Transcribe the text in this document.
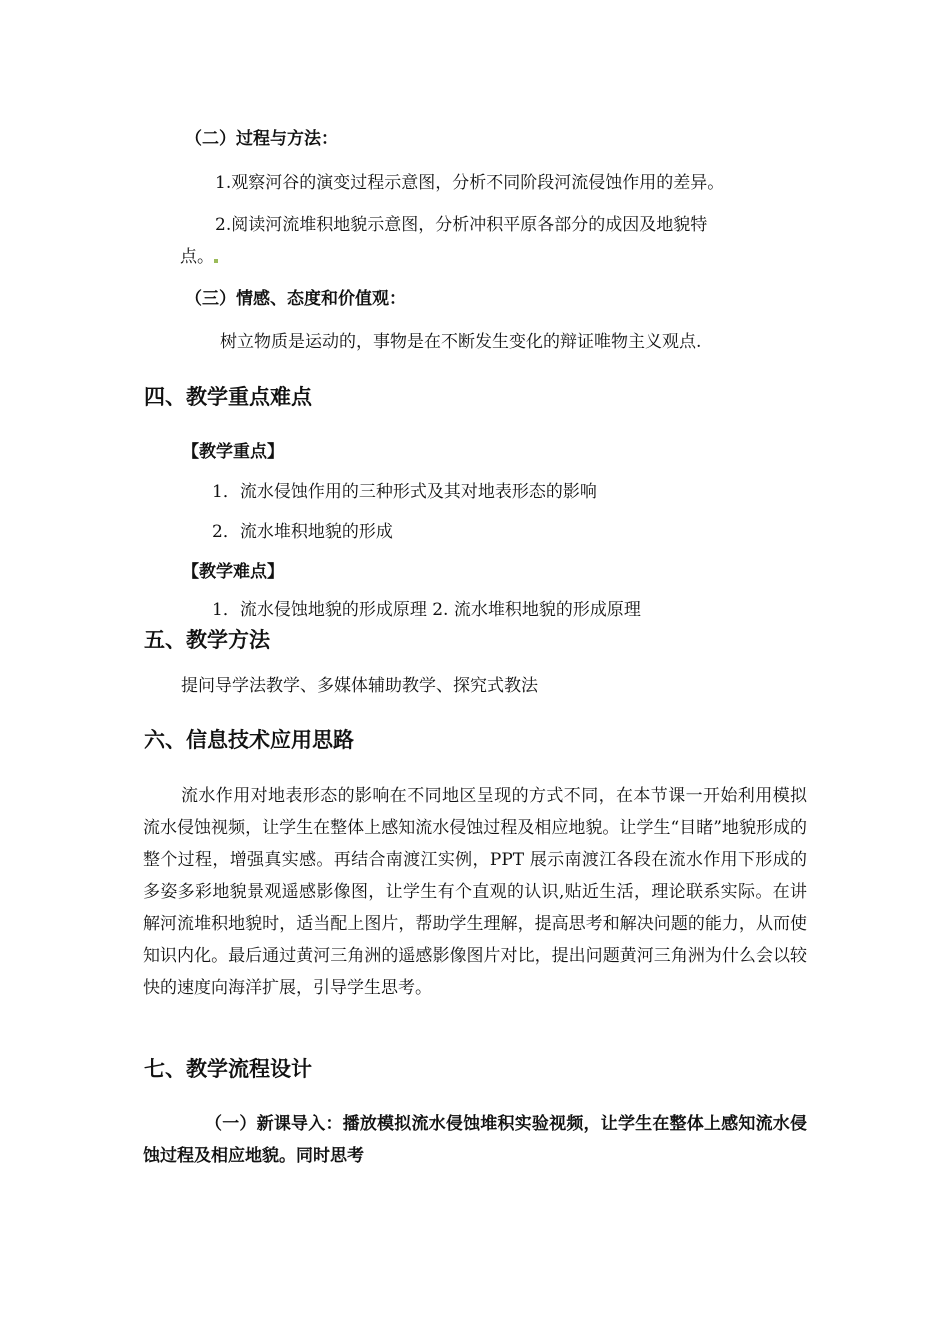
（二）过程与方法：
1.观察河谷的演变过程示意图，分析不同阶段河流侵蚀作用的差异。
2.阅读河流堆积地貌示意图，分析冲积平原各部分的成因及地貌特
点。
（三）情感、态度和价值观：
树立物质是运动的，事物是在不断发生变化的辩证唯物主义观点.
四、教学重点难点
【教学重点】
1．流水侵蚀作用的三种形式及其对地表形态的影响
2．流水堆积地貌的形成
【教学难点】
1．流水侵蚀地貌的形成原理 2. 流水堆积地貌的形成原理
五、教学方法
提问导学法教学、多媒体辅助教学、探究式教法
六、信息技术应用思路
流水作用对地表形态的影响在不同地区呈现的方式不同，在本节课一开始利用模拟流水侵蚀视频，让学生在整体上感知流水侵蚀过程及相应地貌。让学生“目睹”地貌形成的整个过程，增强真实感。再结合南渡江实例，PPT 展示南渡江各段在流水作用下形成的多姿多彩地貌景观遥感影像图，让学生有个直观的认识,贴近生活，理论联系实际。在讲解河流堆积地貌时，适当配上图片，帮助学生理解，提高思考和解决问题的能力，从而使知识内化。最后通过黄河三角洲的遥感影像图片对比，提出问题黄河三角洲为什么会以较快的速度向海洋扩展，引导学生思考。
七、教学流程设计
（一）新课导入：播放模拟流水侵蚀堆积实验视频，让学生在整体上感知流水侵蚀过程及相应地貌。同时思考
